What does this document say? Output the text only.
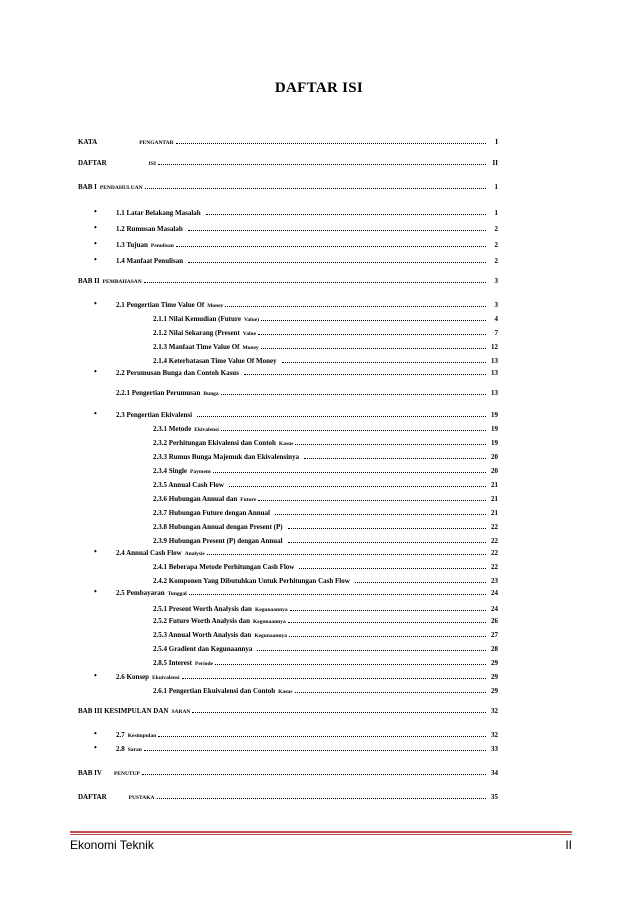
DAFTAR ISI
KATA	PENGANTAR	I
DAFTAR	ISI	II
BAB I PENDAHULUAN	1
•	1.1 Latar Belakang Masalah	1
•	1.2 Rumusan Masalah	2
•	1.3 Tujuan Penulisan	2
•	1.4 Manfaat Penulisan	2
BAB II PEMBAHASAN	3
•	2.1 Pengertian Time Value Of Money	3
2.1.1 Nilai Kemudian (Future Value)	4
2.1.2 Nilai Sekarang (Present Value	7
2.1.3 Manfaat Time Value Of Money	12
2.1.4 Keterbatasan Time Value Of Money	13
•	2.2 Perumusan Bunga dan Contoh Kasus	13
2.2.1 Pengertian Perumusan Bunga	13
•	2.3 Pengertian Ekivalensi	19
2.3.1 Metode Ekivalensi	19
2.3.2 Perhitungan Ekivalensi dan Contoh Kasus	19
2.3.3 Rumus Bunga Majemuk dan Ekivalensinya	20
2.3.4 Single Payment	20
2.3.5 Annual Cash Flow	21
2.3.6 Hubungan Annual dan Future	21
2.3.7 Hubungan Future dengan Annual	21
2.3.8 Hubungan Annual dengan Present (P)	22
2.3.9 Hubungan Present (P) dengan Annual	22
•	2.4 Annual Cash Flow Analysis	22
2.4.1 Beberapa Metode Perhitungan Cash Flow	22
2.4.2 Komponen Yang Dibutuhkan Untuk Perhitungan Cash Flow	23
•	2.5 Pembayaran Tunggal	24
2.5.1 Present Worth Analysis dan Kegunaannya	24
2.5.2 Future Worth Analysis dan Kegunaannya	26
2.5.3 Annual Worth Analysis dan Kegunaannya	27
2.5.4 Gradient dan Kegunaannya	28
2.8.5 Interest Periode	29
•	2.6 Konsep Ekuivalensi	29
2.6.1 Pengertian Ekuivalensi dan Contoh Kasus	29
BAB III KESIMPULAN DAN SARAN	32
•	2.7 Kesimpulan	32
•	2.8 Saran	33
BAB IV PENUTUP	34
DAFTAR	PUSTAKA	35
Ekonomi Teknik	II
